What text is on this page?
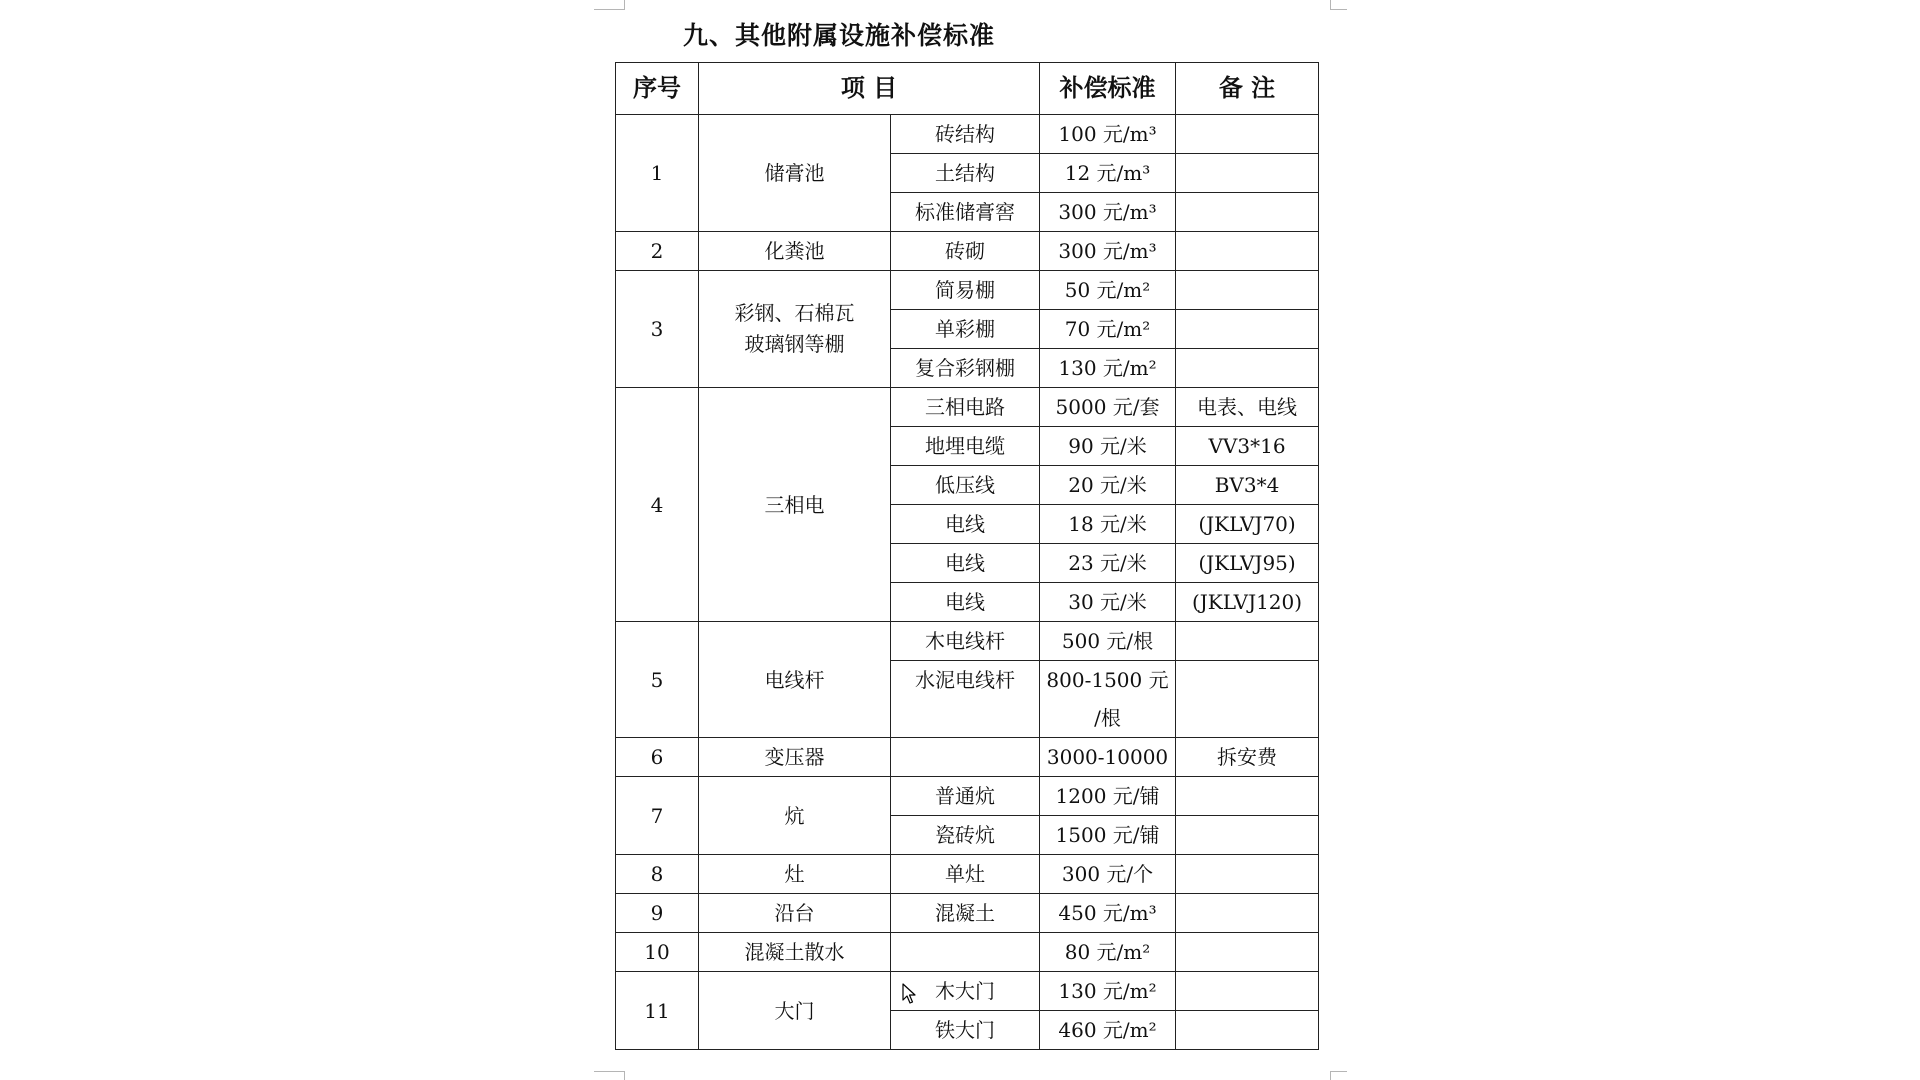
九、其他附属设施补偿标准
序号	项 目		补偿标准	备 注
1	储膏池	砖结构	100 元/m³	
		土结构	12 元/m³	
		标准储膏窖	300 元/m³	
2	化粪池	砖砌	300 元/m³	
3	彩钢、石棉瓦
玻璃钢等棚	简易棚	50 元/m²	
		单彩棚	70 元/m²	
		复合彩钢棚	130 元/m²	
4	三相电	三相电路	5000 元/套	电表、电线
		地埋电缆	90 元/米	VV3*16
		低压线	20 元/米	BV3*4
		电线	18 元/米	(JKLVJ70)
		电线	23 元/米	(JKLVJ95)
		电线	30 元/米	(JKLVJ120)
5	电线杆	木电线杆	500 元/根	
		水泥电线杆	800-1500 元
/根	
6	变压器		3000-10000	拆安费
7	炕	普通炕	1200 元/铺	
		瓷砖炕	1500 元/铺	
8	灶	单灶	300 元/个	
9	沿台	混凝土	450 元/m³	
10	混凝土散水		80 元/m²	
11	大门	木大门	130 元/m²	
		铁大门	460 元/m²	
